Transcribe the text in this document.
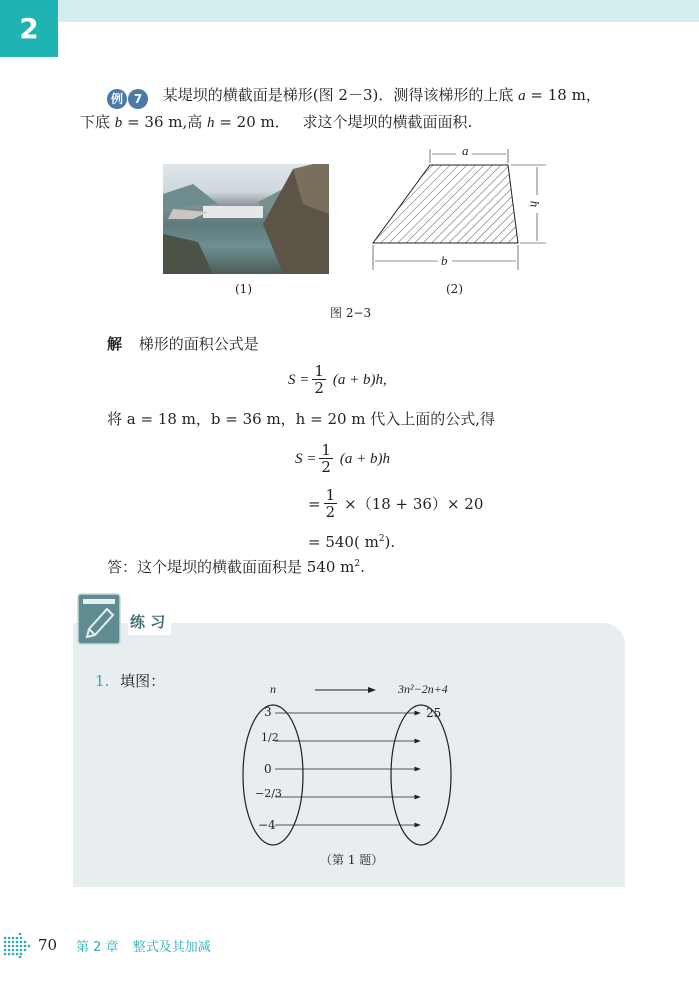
2
例 7 某堤坝的横截面是梯形(图 2－3)．测得该梯形的上底 a = 18 m，
下底 b = 36 m,高 h = 20 m． 求这个堤坝的横截面面积.
a
h
b
(1)	(2)
图 2−3
解 梯形的面积公式是
$S = \frac{1}{2} (a + b)h$,
将 a = 18 m，b = 36 m，h = 20 m 代入上面的公式,得
$S = \frac{1}{2} (a + b)h$
= $\frac{1}{2} \times(18 + 36)\times 20$
= 540( $m^2$).
答：这个堤坝的横截面面积是 540 $m^2$.
练 习
1. 填图：	n	3n²−2n+4
3
1/2
0
−2/3
−4
25
（第 1 题）
70 第 2 章 整式及其加减
